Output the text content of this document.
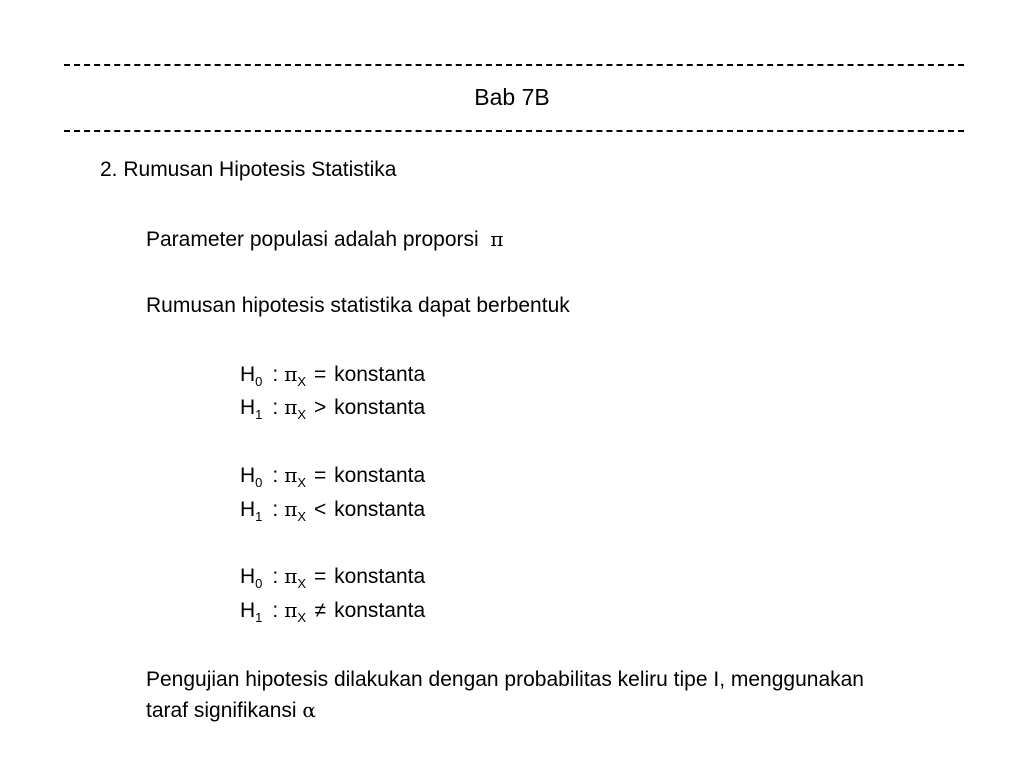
Bab 7B
2. Rumusan Hipotesis Statistika
Parameter populasi adalah proporsi π
Rumusan hipotesis statistika dapat berbentuk
$H_0$ : $\pi_X$ = konstanta
$H_1$ : $\pi_X$ > konstanta
$H_0$ : $\pi_X$ = konstanta
$H_1$ : $\pi_X$ < konstanta
$H_0$ : $\pi_X$ = konstanta
$H_1$ : $\pi_X$ ≠ konstanta
Pengujian hipotesis dilakukan dengan probabilitas keliru tipe I, menggunakan
taraf signifikansi α
